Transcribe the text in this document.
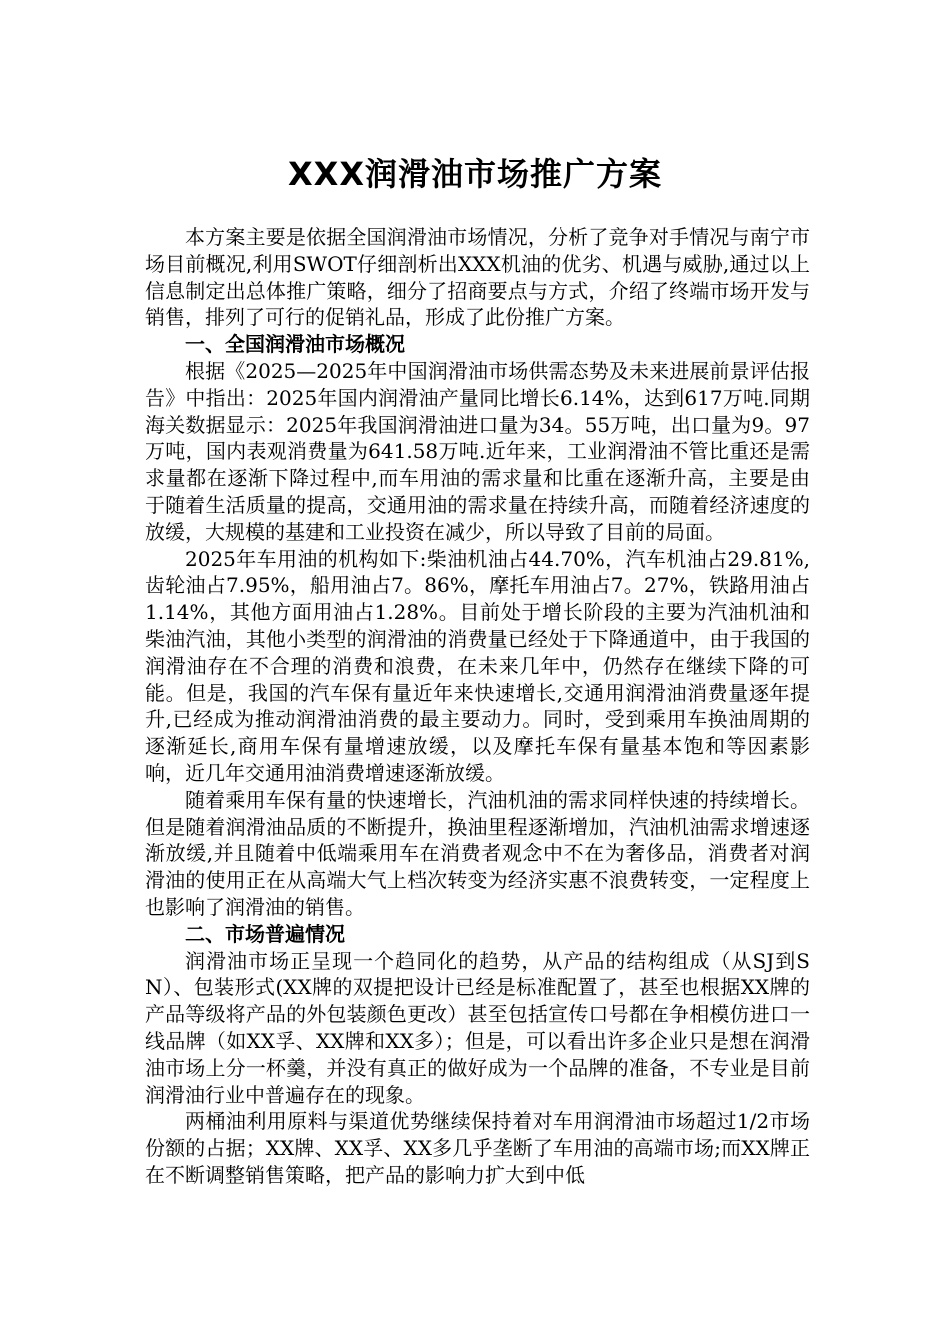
XXX润滑油市场推广方案

本方案主要是依据全国润滑油市场情况，分析了竞争对手情况与南宁市场目前概况,利用SWOT仔细剖析出XXX机油的优劣、机遇与威胁,通过以上信息制定出总体推广策略，细分了招商要点与方式，介绍了终端市场开发与销售，排列了可行的促销礼品，形成了此份推广方案。

一、全国润滑油市场概况

根据《2025—2025年中国润滑油市场供需态势及未来进展前景评估报告》中指出：2025年国内润滑油产量同比增长6.14%，达到617万吨.同期海关数据显示：2025年我国润滑油进口量为34。55万吨，出口量为9。97万吨，国内表观消费量为641.58万吨.近年来，工业润滑油不管比重还是需求量都在逐渐下降过程中,而车用油的需求量和比重在逐渐升高，主要是由于随着生活质量的提高，交通用油的需求量在持续升高，而随着经济速度的放缓，大规模的基建和工业投资在减少，所以导致了目前的局面。

2025年车用油的机构如下:柴油机油占44.70%，汽车机油占29.81%,齿轮油占7.95%，船用油占7。86%，摩托车用油占7。27%，铁路用油占1.14%，其他方面用油占1.28%。目前处于增长阶段的主要为汽油机油和柴油汽油，其他小类型的润滑油的消费量已经处于下降通道中，由于我国的润滑油存在不合理的消费和浪费，在未来几年中，仍然存在继续下降的可能。但是，我国的汽车保有量近年来快速增长,交通用润滑油消费量逐年提升,已经成为推动润滑油消费的最主要动力。同时，受到乘用车换油周期的逐渐延长,商用车保有量增速放缓，以及摩托车保有量基本饱和等因素影响，近几年交通用油消费增速逐渐放缓。

随着乘用车保有量的快速增长，汽油机油的需求同样快速的持续增长。但是随着润滑油品质的不断提升，换油里程逐渐增加，汽油机油需求增速逐渐放缓,并且随着中低端乘用车在消费者观念中不在为奢侈品，消费者对润滑油的使用正在从高端大气上档次转变为经济实惠不浪费转变，一定程度上也影响了润滑油的销售。

二、市场普遍情况

润滑油市场正呈现一个趋同化的趋势，从产品的结构组成（从SJ到SN）、包装形式(XX牌的双提把设计已经是标准配置了，甚至也根据XX牌的产品等级将产品的外包装颜色更改）甚至包括宣传口号都在争相模仿进口一线品牌（如XX孚、XX牌和XX多）；但是，可以看出许多企业只是想在润滑油市场上分一杯羹，并没有真正的做好成为一个品牌的准备，不专业是目前润滑油行业中普遍存在的现象。

两桶油利用原料与渠道优势继续保持着对车用润滑油市场超过1/2市场份额的占据；XX牌、XX孚、XX多几乎垄断了车用油的高端市场;而XX牌正在不断调整销售策略，把产品的影响力扩大到中低
